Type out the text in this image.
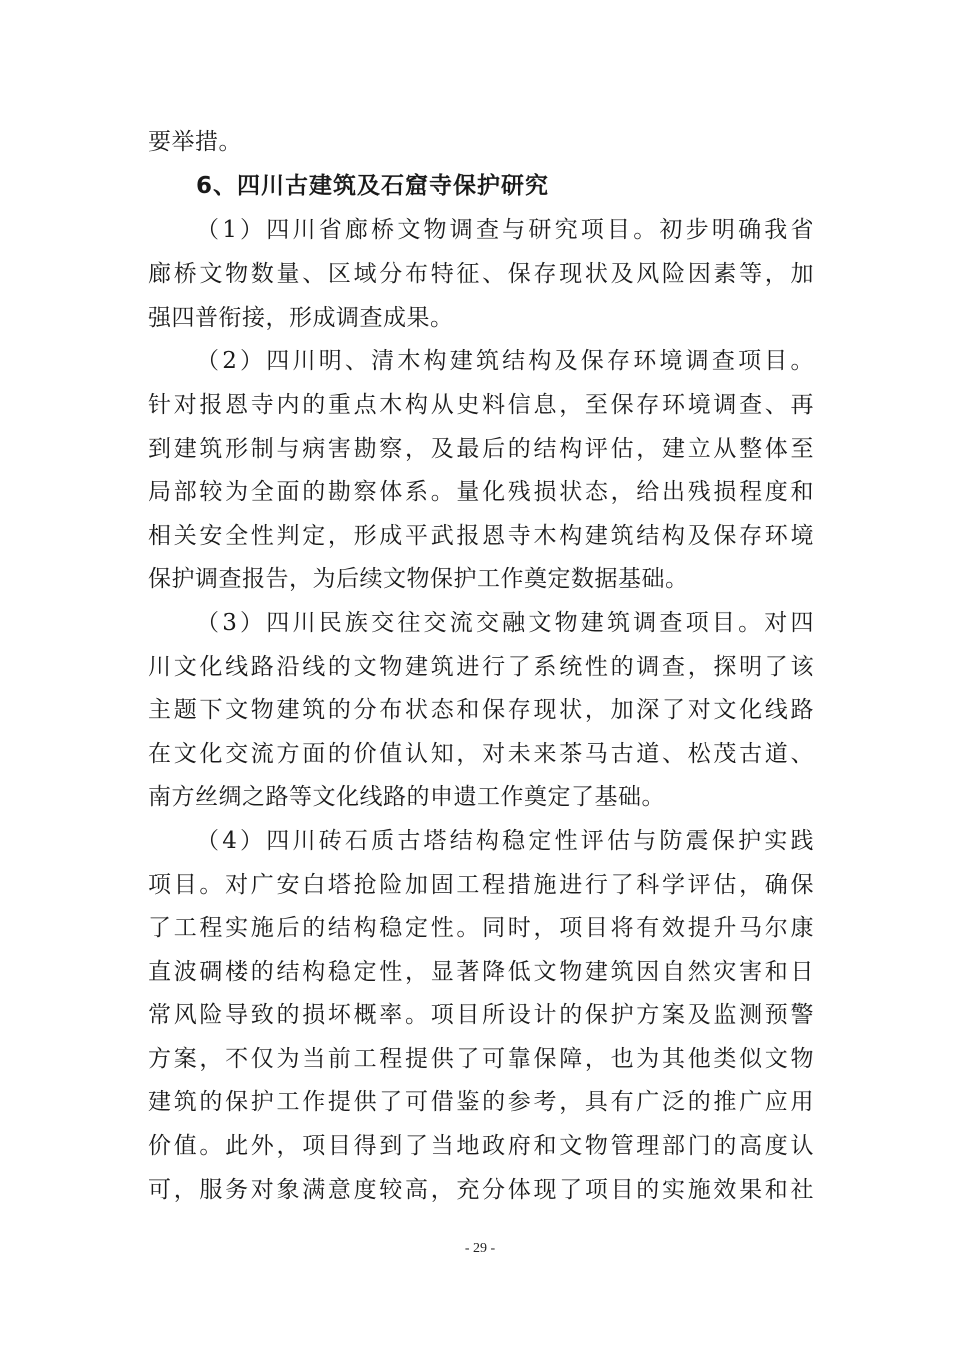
要举措。
6、四川古建筑及石窟寺保护研究
（1）四川省廊桥文物调查与研究项目。初步明确我省
廊桥文物数量、区域分布特征、保存现状及风险因素等，加
强四普衔接，形成调查成果。
（2）四川明、清木构建筑结构及保存环境调查项目。
针对报恩寺内的重点木构从史料信息，至保存环境调查、再
到建筑形制与病害勘察，及最后的结构评估，建立从整体至
局部较为全面的勘察体系。量化残损状态，给出残损程度和
相关安全性判定，形成平武报恩寺木构建筑结构及保存环境
保护调查报告，为后续文物保护工作奠定数据基础。
（3）四川民族交往交流交融文物建筑调查项目。对四
川文化线路沿线的文物建筑进行了系统性的调查，探明了该
主题下文物建筑的分布状态和保存现状，加深了对文化线路
在文化交流方面的价值认知，对未来茶马古道、松茂古道、
南方丝绸之路等文化线路的申遗工作奠定了基础。
（4）四川砖石质古塔结构稳定性评估与防震保护实践
项目。对广安白塔抢险加固工程措施进行了科学评估，确保
了工程实施后的结构稳定性。同时，项目将有效提升马尔康
直波碉楼的结构稳定性，显著降低文物建筑因自然灾害和日
常风险导致的损坏概率。项目所设计的保护方案及监测预警
方案，不仅为当前工程提供了可靠保障，也为其他类似文物
建筑的保护工作提供了可借鉴的参考，具有广泛的推广应用
价值。此外，项目得到了当地政府和文物管理部门的高度认
可，服务对象满意度较高，充分体现了项目的实施效果和社
- 29 -
